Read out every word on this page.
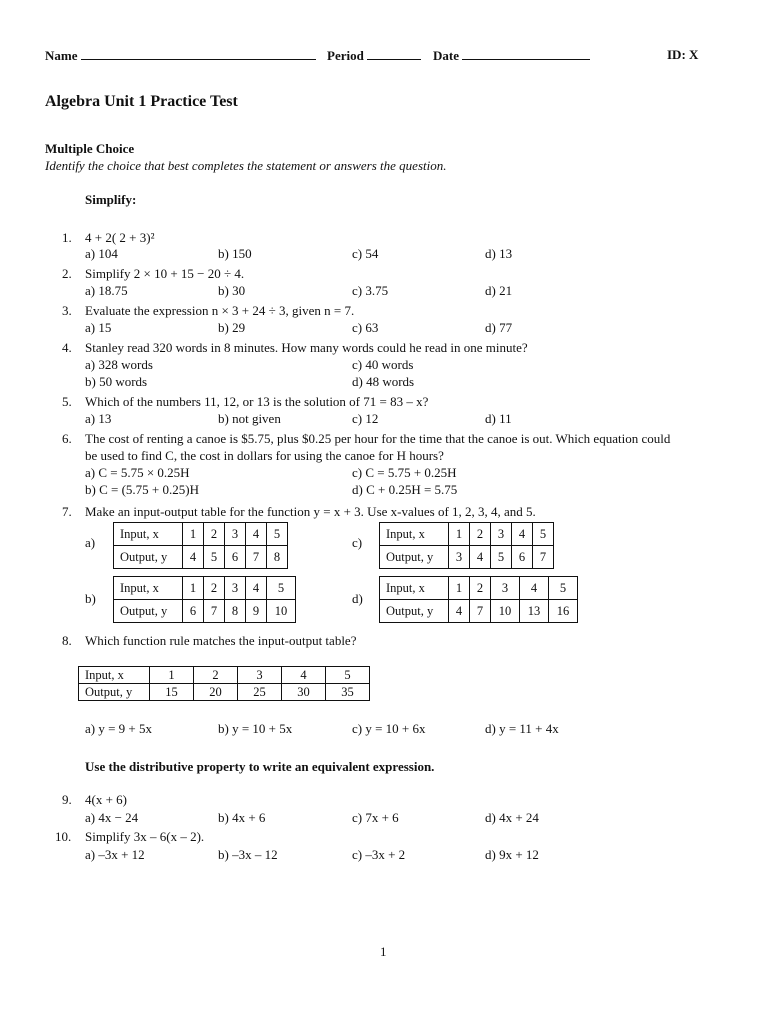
Name	Period	Date	ID: X
Algebra Unit 1 Practice Test
Multiple Choice
Identify the choice that best completes the statement or answers the question.
Simplify:
1. 4 + 2( 2 + 3)²
a) 104	b) 150	c) 54	d) 13
2. Simplify 2 × 10 + 15 − 20 ÷ 4.
a) 18.75	b) 30	c) 3.75	d) 21
3. Evaluate the expression n × 3 + 24 ÷ 3, given n = 7.
a) 15	b) 29	c) 63	d) 77
4. Stanley read 320 words in 8 minutes. How many words could he read in one minute?
a) 328 words	c) 40 words
b) 50 words	d) 48 words
5. Which of the numbers 11, 12, or 13 is the solution of 71 = 83 – x?
a) 13	b) not given	c) 12	d) 11
6. The cost of renting a canoe is $5.75, plus $0.25 per hour for the time that the canoe is out. Which equation could
be used to find C, the cost in dollars for using the canoe for H hours?
a) C = 5.75 × 0.25H	c) C = 5.75 + 0.25H
b) C = (5.75 + 0.25)H	d) C + 0.25H = 5.75
7. Make an input-output table for the function y = x + 3. Use x-values of 1, 2, 3, 4, and 5.
a)
Input, x	1	2	3	4	5
Output, y	4	5	6	7	8
c)
Input, x	1	2	3	4	5
Output, y	3	4	5	6	7
b)
Input, x	1	2	3	4	5
Output, y	6	7	8	9	10
d)
Input, x	1	2	3	4	5
Output, y	4	7	10	13	16
8. Which function rule matches the input-output table?
Input, x	1	2	3	4	5
Output, y	15	20	25	30	35
a) y = 9 + 5x	b) y = 10 + 5x	c) y = 10 + 6x	d) y = 11 + 4x
Use the distributive property to write an equivalent expression.
9. 4(x + 6)
a) 4x − 24	b) 4x + 6	c) 7x + 6	d) 4x + 24
10. Simplify 3x – 6(x – 2).
a) –3x + 12	b) –3x – 12	c) –3x + 2	d) 9x + 12
1
